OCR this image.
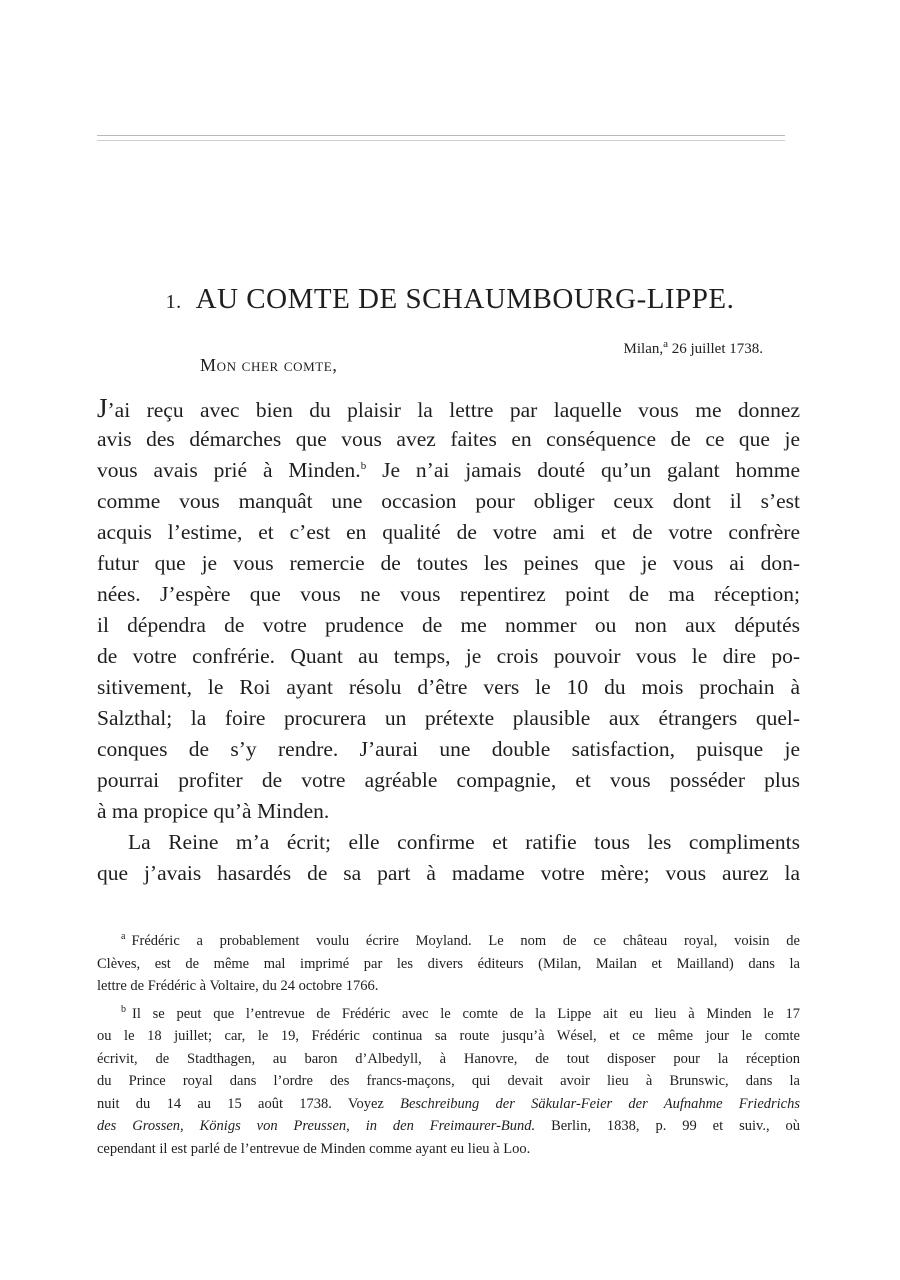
1. AU COMTE DE SCHAUMBOURG-LIPPE.
Milan,$^a$ 26 juillet 1738.
Mon cher comte,
J’ai reçu avec bien du plaisir la lettre par laquelle vous me donnez
avis des démarches que vous avez faites en conséquence de ce que je
vous avais prié à Minden.$^b$ Je n’ai jamais douté qu’un galant homme
comme vous manquât une occasion pour obliger ceux dont il s’est
acquis l’estime, et c’est en qualité de votre ami et de votre confrère
futur que je vous remercie de toutes les peines que je vous ai don-
nées. J’espère que vous ne vous repentirez point de ma réception;
il dépendra de votre prudence de me nommer ou non aux députés
de votre confrérie. Quant au temps, je crois pouvoir vous le dire po-
sitivement, le Roi ayant résolu d’être vers le 10 du mois prochain à
Salzthal; la foire procurera un prétexte plausible aux étrangers quel-
conques de s’y rendre. J’aurai une double satisfaction, puisque je
pourrai profiter de votre agréable compagnie, et vous posséder plus
à ma propice qu’à Minden.
La Reine m’a écrit; elle confirme et ratifie tous les compliments
que j’avais hasardés de sa part à madame votre mère; vous aurez la
$^a$ Frédéric a probablement voulu écrire Moyland. Le nom de ce château royal, voisin de
Clèves, est de même mal imprimé par les divers éditeurs (Milan, Mailan et Mailland) dans la
lettre de Frédéric à Voltaire, du 24 octobre 1766.
$^b$ Il se peut que l’entrevue de Frédéric avec le comte de la Lippe ait eu lieu à Minden le 17
ou le 18 juillet; car, le 19, Frédéric continua sa route jusqu’à Wésel, et ce même jour le comte
écrivit, de Stadthagen, au baron d’Albedyll, à Hanovre, de tout disposer pour la réception
du Prince royal dans l’ordre des francs-maçons, qui devait avoir lieu à Brunswic, dans la
nuit du 14 au 15 août 1738. Voyez Beschreibung der Säkular-Feier der Aufnahme Friedrichs
des Grossen, Königs von Preussen, in den Freimaurer-Bund. Berlin, 1838, p. 99 et suiv., où
cependant il est parlé de l’entrevue de Minden comme ayant eu lieu à Loo.
